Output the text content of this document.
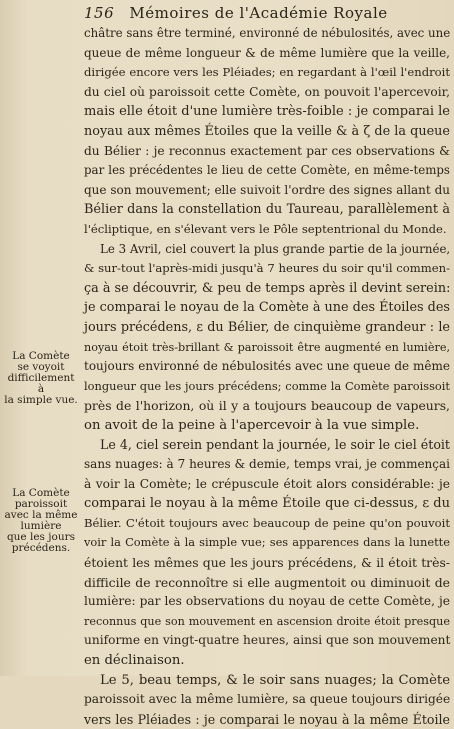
156 Mémoires de l'Académie Royale
châtre sans être terminé, environné de nébulosités, avec une
queue de même longueur & de même lumière que la veille,
dirigée encore vers les Pléiades; en regardant à l'œil l'endroit
du ciel où paroissoit cette Comète, on pouvoit l'apercevoir,
mais elle étoit d'une lumière très-foible : je comparai le
noyau aux mêmes Étoiles que la veille & à ζ de la queue
du Bélier : je reconnus exactement par ces observations &
par les précédentes le lieu de cette Comète, en même-temps
que son mouvement; elle suivoit l'ordre des signes allant du
Bélier dans la constellation du Taureau, parallèlement à
l'écliptique, en s'élevant vers le Pôle septentrional du Monde.
Le 3 Avril, ciel couvert la plus grande partie de la journée,
& sur-tout l'après-midi jusqu'à 7 heures du soir qu'il commen-
ça à se découvrir, & peu de temps après il devint serein:
je comparai le noyau de la Comète à une des Étoiles des
jours précédens, ε du Bélier, de cinquième grandeur : le
noyau étoit très-brillant & paroissoit être augmenté en lumière,
toujours environné de nébulosités avec une queue de même
longueur que les jours précédens; comme la Comète paroissoit
près de l'horizon, où il y a toujours beaucoup de vapeurs,
on avoit de la peine à l'apercevoir à la vue simple.
Le 4, ciel serein pendant la journée, le soir le ciel étoit
sans nuages: à 7 heures & demie, temps vrai, je commençai
à voir la Comète; le crépuscule étoit alors considérable: je
comparai le noyau à la même Étoile que ci-dessus, ε du
Bélier. C'étoit toujours avec beaucoup de peine qu'on pouvoit
voir la Comète à la simple vue; ses apparences dans la lunette
étoient les mêmes que les jours précédens, & il étoit très-
difficile de reconnoître si elle augmentoit ou diminuoit de
lumière: par les observations du noyau de cette Comète, je
reconnus que son mouvement en ascension droite étoit presque
uniforme en vingt-quatre heures, ainsi que son mouvement
en déclinaison.
Le 5, beau temps, & le soir sans nuages; la Comète
paroissoit avec la même lumière, sa queue toujours dirigée
vers les Pléiades : je comparai le noyau à la même Étoile
La Comète
se voyoit
difficilement
à
la simple vue.
La Comète
paroissoit
avec la même
lumière
que les jours
précédens.
